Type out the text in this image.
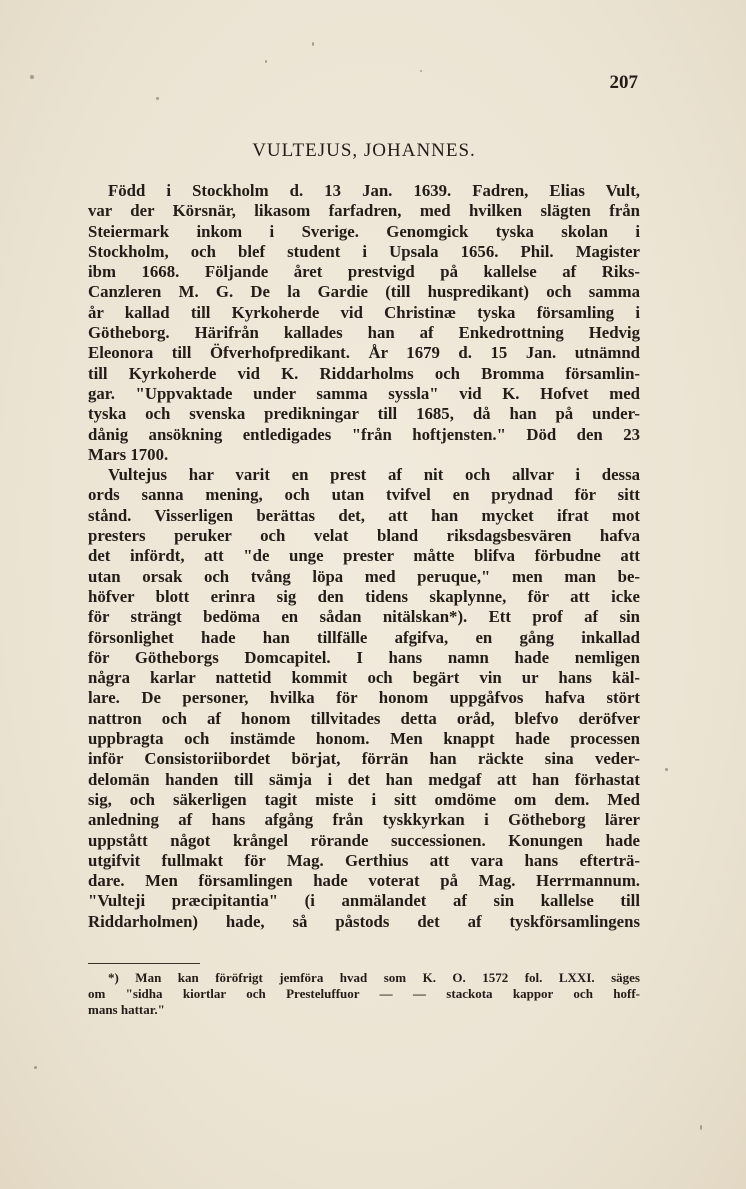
207
VULTEJUS, JOHANNES.
Född i Stockholm d. 13 Jan. 1639. Fadren, Elias Vult,
var der Körsnär, likasom farfadren, med hvilken slägten från
Steiermark inkom i Sverige. Genomgick tyska skolan i
Stockholm, och blef student i Upsala 1656. Phil. Magister
ibm 1668. Följande året prestvigd på kallelse af Riks-
Canzleren M. G. De la Gardie (till huspredikant) och samma
år kallad till Kyrkoherde vid Christinæ tyska församling i
Götheborg. Härifrån kallades han af Enkedrottning Hedvig
Eleonora till Öfverhofpredikant. År 1679 d. 15 Jan. utnämnd
till Kyrkoherde vid K. Riddarholms och Bromma församlin-
gar. "Uppvaktade under samma syssla" vid K. Hofvet med
tyska och svenska predikningar till 1685, då han på under-
dånig ansökning entledigades "från hoftjensten." Död den 23
Mars 1700.
Vultejus har varit en prest af nit och allvar i dessa
ords sanna mening, och utan tvifvel en prydnad för sitt
stånd. Visserligen berättas det, att han mycket ifrat mot
presters peruker och velat bland riksdagsbesvären hafva
det infördt, att "de unge prester måtte blifva förbudne att
utan orsak och tvång löpa med peruque," men man be-
höfver blott erinra sig den tidens skaplynne, för att icke
för strängt bedöma en sådan nitälskan*). Ett prof af sin
försonlighet hade han tillfälle afgifva, en gång inkallad
för Götheborgs Domcapitel. I hans namn hade nemligen
några karlar nattetid kommit och begärt vin ur hans käl-
lare. De personer, hvilka för honom uppgåfvos hafva stört
nattron och af honom tillvitades detta oråd, blefvo deröfver
uppbragta och instämde honom. Men knappt hade processen
inför Consistoriibordet börjat, förrän han räckte sina veder-
delomän handen till sämja i det han medgaf att han förhastat
sig, och säkerligen tagit miste i sitt omdöme om dem. Med
anledning af hans afgång från tyskkyrkan i Götheborg lärer
uppstått något krångel rörande successionen. Konungen hade
utgifvit fullmakt för Mag. Gerthius att vara hans efterträ-
dare. Men församlingen hade voterat på Mag. Herrmannum.
"Vulteji præcipitantia" (i anmälandet af sin kallelse till
Riddarholmen) hade, så påstods det af tyskförsamlingens
*) Man kan föröfrigt jemföra hvad som K. O. 1572 fol. LXXI. säges
om "sidha kiortlar och Presteluffuor — — stackota kappor och hoff-
mans hattar."
